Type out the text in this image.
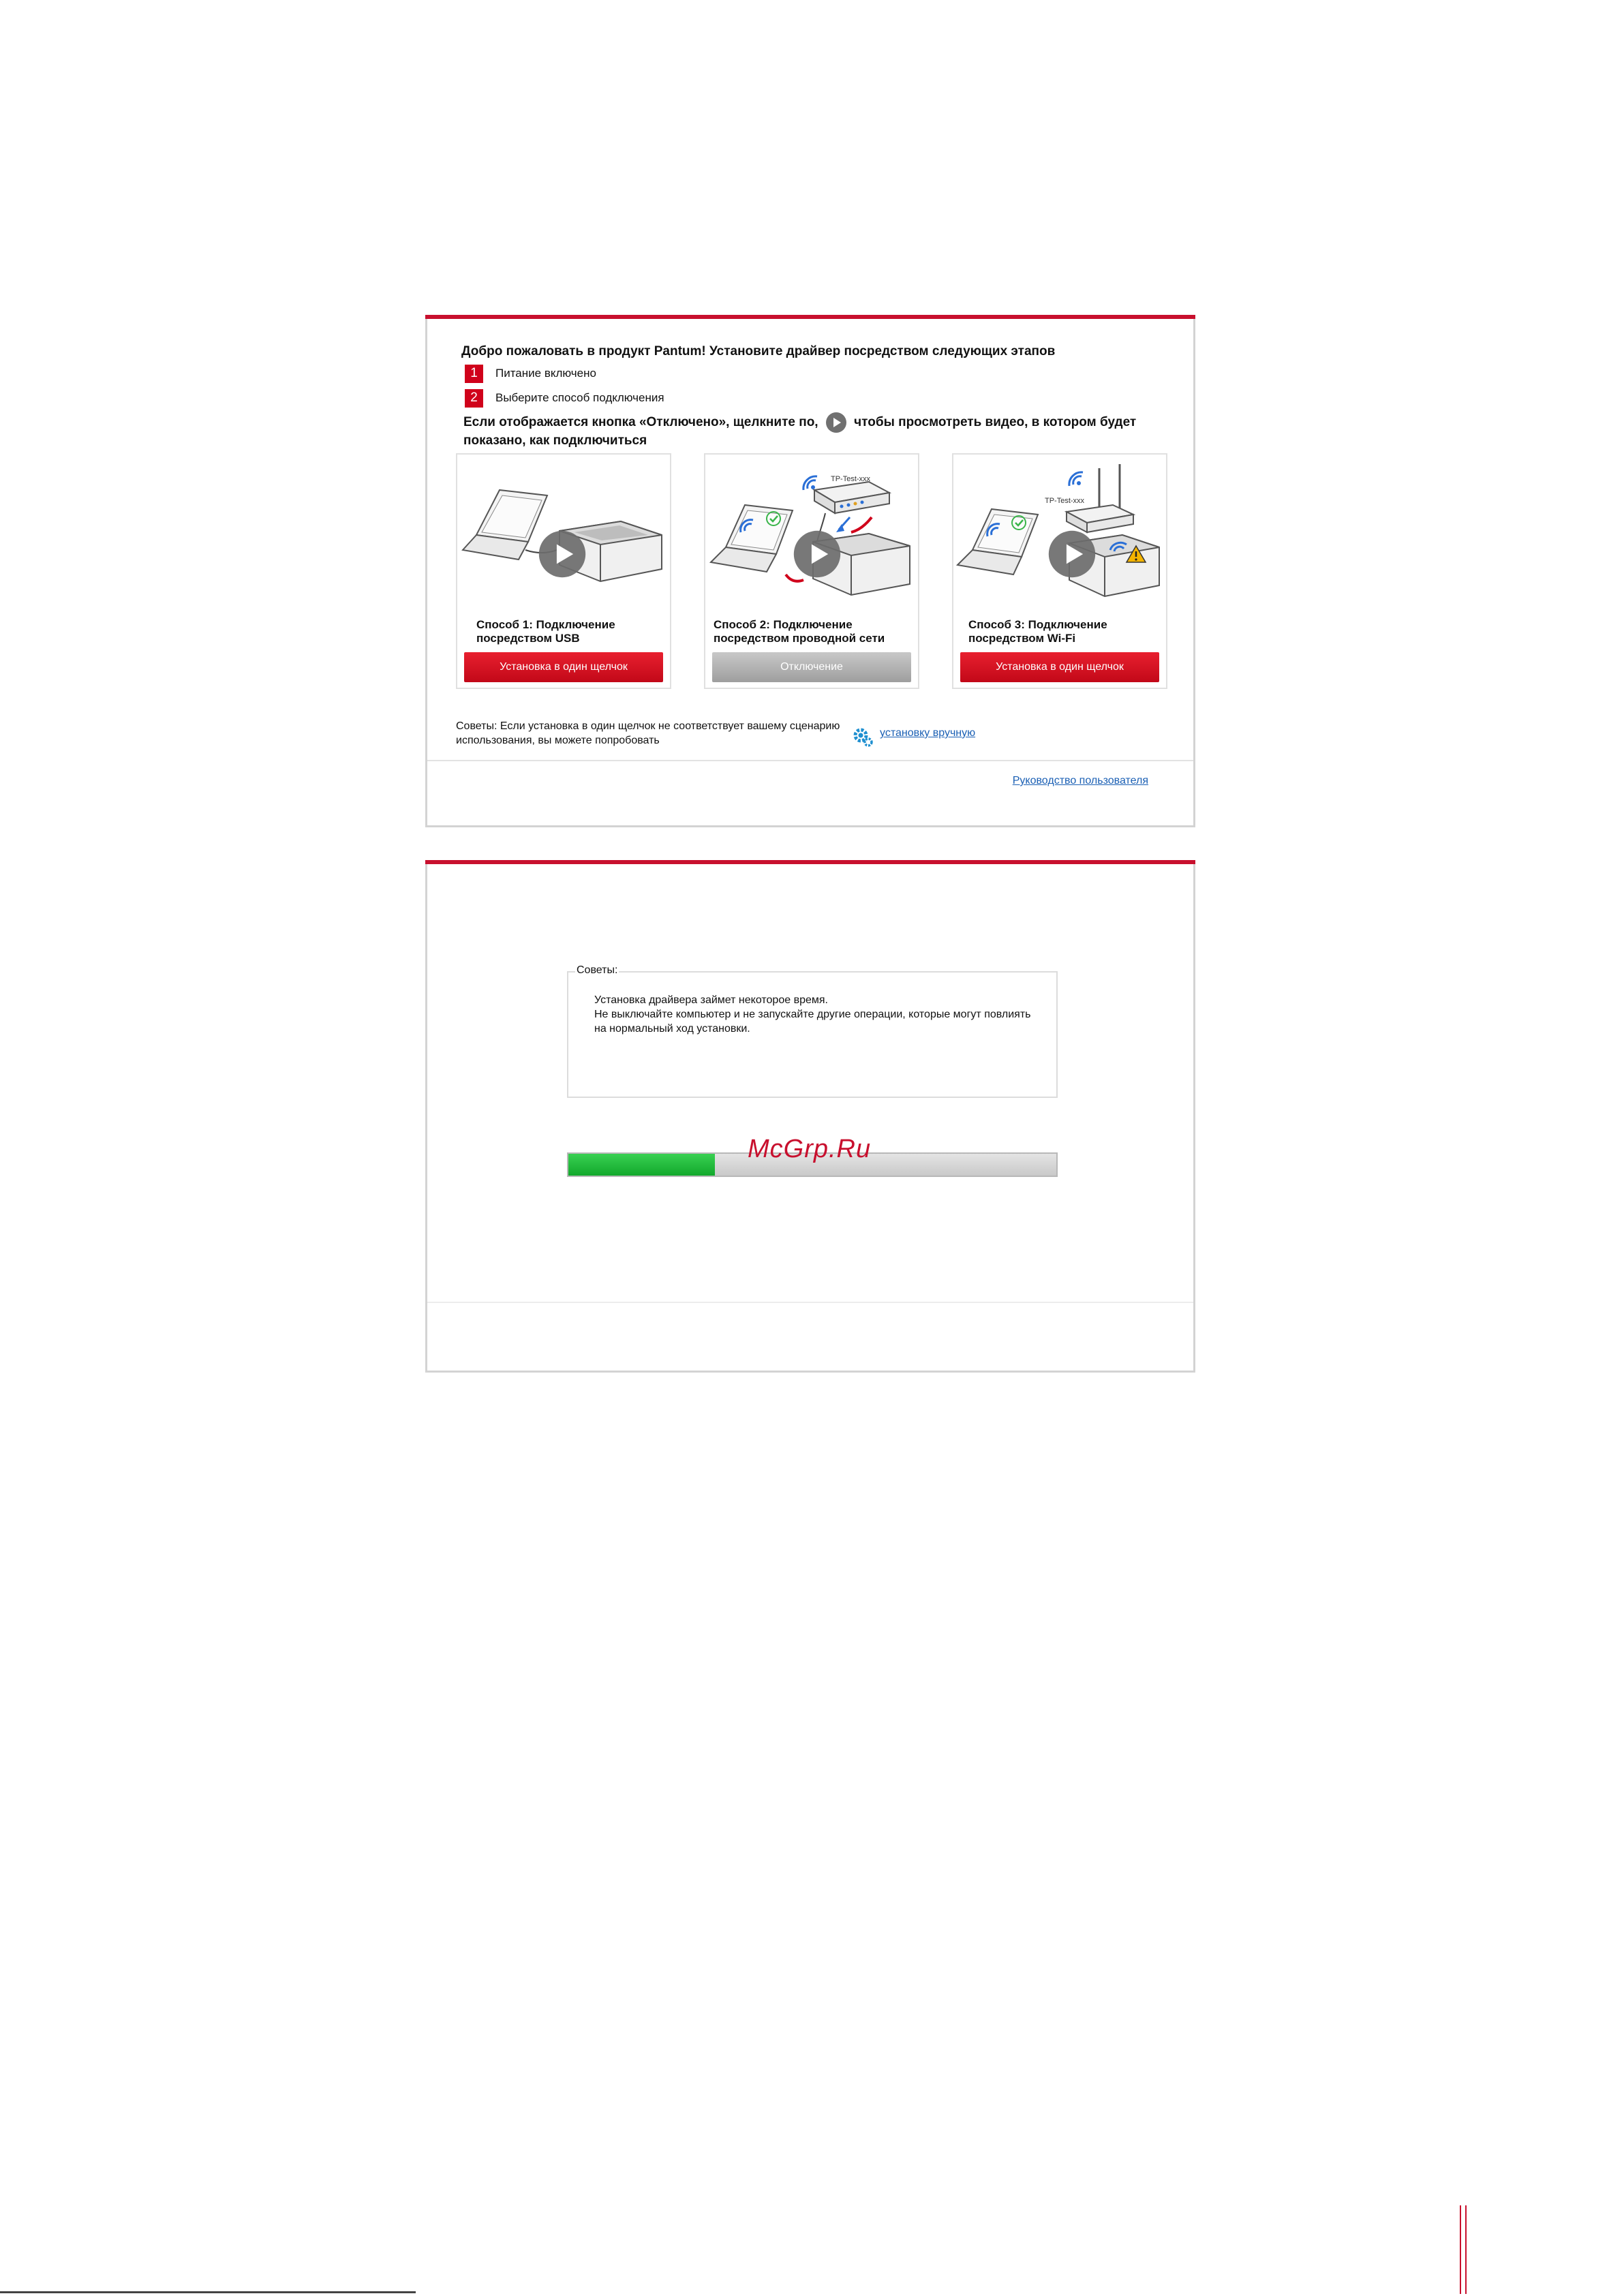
Добро пожаловать в продукт Pantum! Установите драйвер посредством следующих этапов
1	Питание включено
2	Выберите способ подключения
Если отображается кнопка «Отключено», щелкните по,	чтобы просмотреть видео, в котором будет показано, как подключиться
Способ 1: Подключение посредством USB
Установка в один щелчок
TP-Test-xxx
Способ 2: Подключение посредством проводной сети
Отключение
TP-Test-xxx
Способ 3: Подключение посредством Wi-Fi
Установка в один щелчок
Советы: Если установка в один щелчок не соответствует вашему сценарию использования, вы можете попробовать
установку вручную
Руководство пользователя
Советы:
Установка драйвера займет некоторое время.
Не выключайте компьютер и не запускайте другие операции, которые могут повлиять на нормальный ход установки.
McGrp.Ru
